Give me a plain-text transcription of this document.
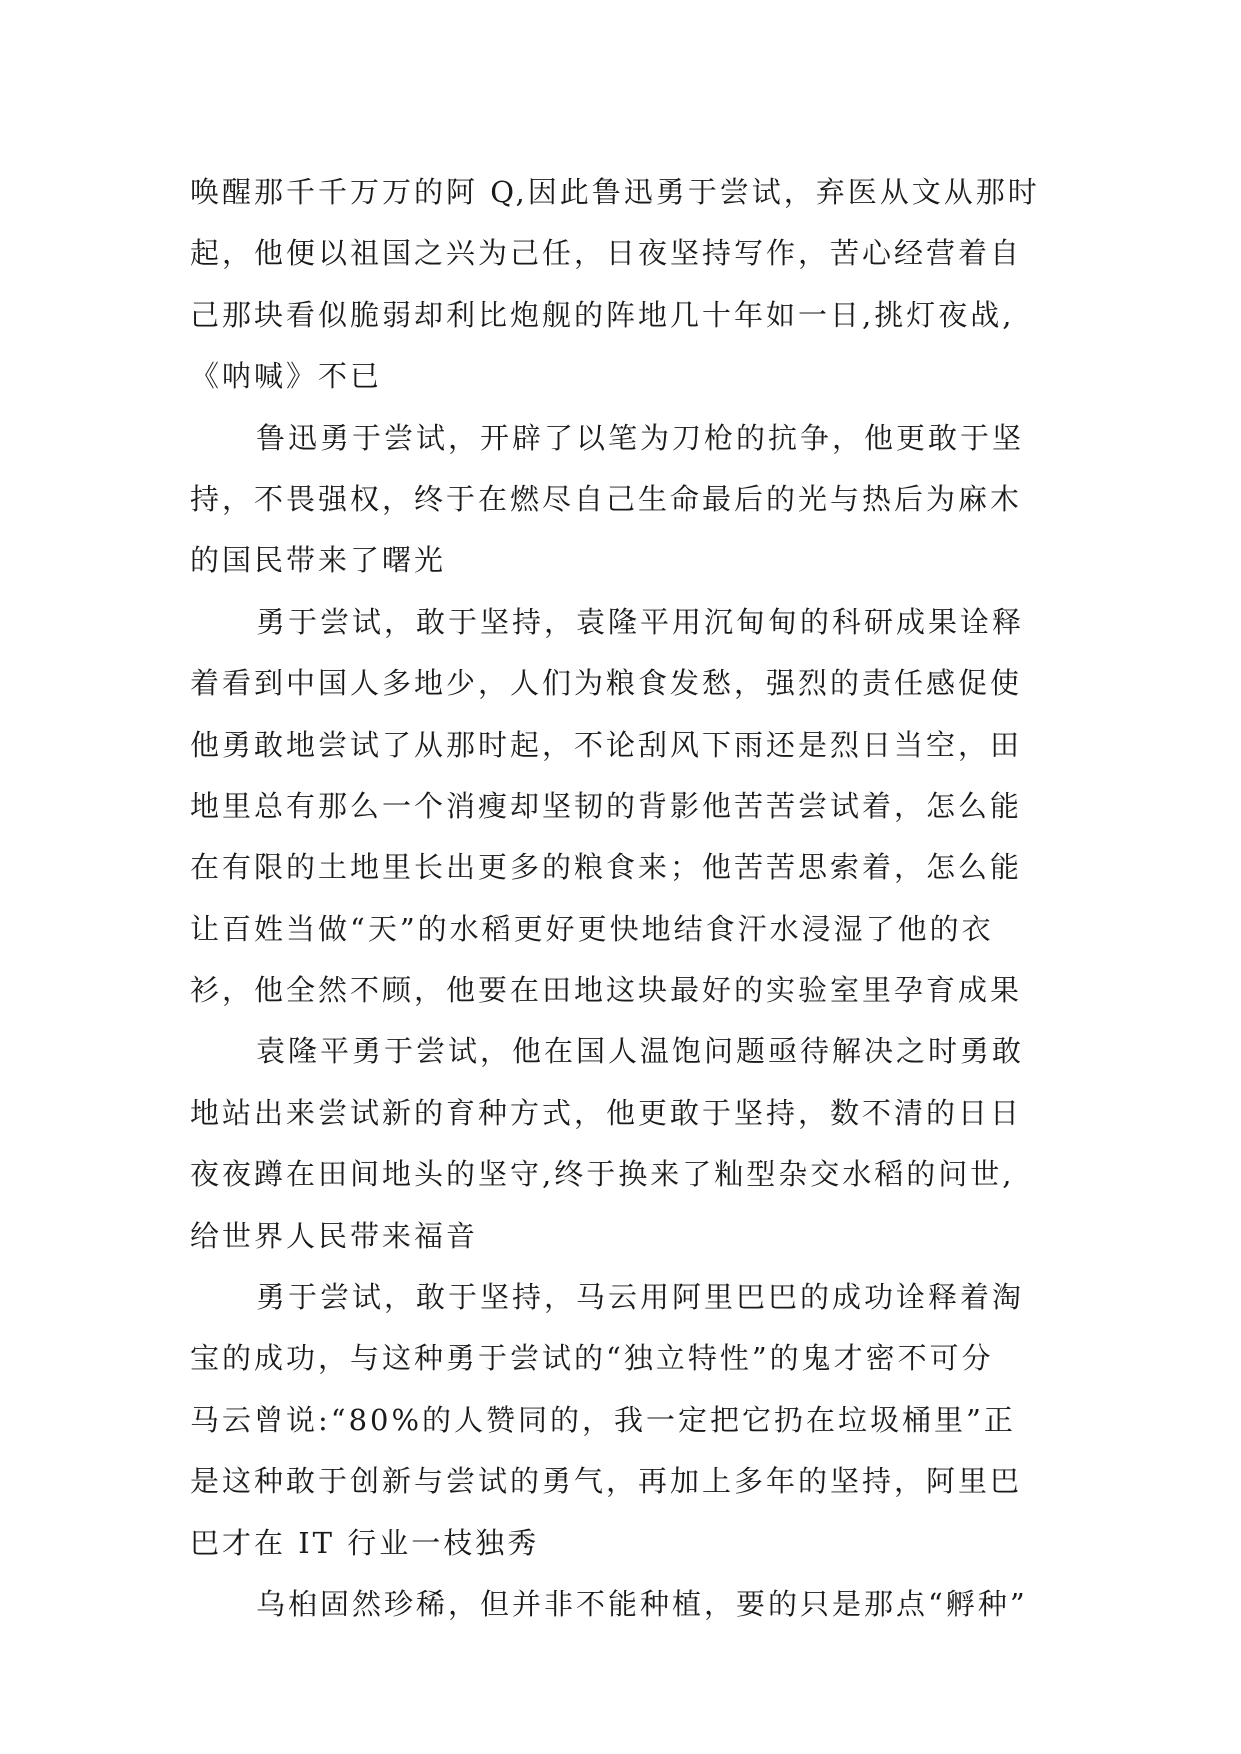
唤醒那千千万万的阿 Q,因此鲁迅勇于尝试，弃医从文从那时
起，他便以祖国之兴为己任，日夜坚持写作，苦心经营着自
己那块看似脆弱却利比炮舰的阵地几十年如一日,挑灯夜战,
《呐喊》不已
鲁迅勇于尝试，开辟了以笔为刀枪的抗争，他更敢于坚
持，不畏强权，终于在燃尽自己生命最后的光与热后为麻木
的国民带来了曙光
勇于尝试，敢于坚持，袁隆平用沉甸甸的科研成果诠释
着看到中国人多地少，人们为粮食发愁，强烈的责任感促使
他勇敢地尝试了从那时起，不论刮风下雨还是烈日当空，田
地里总有那么一个消瘦却坚韧的背影他苦苦尝试着，怎么能
在有限的土地里长出更多的粮食来；他苦苦思索着，怎么能
让百姓当做“天”的水稻更好更快地结食汗水浸湿了他的衣
衫，他全然不顾，他要在田地这块最好的实验室里孕育成果
袁隆平勇于尝试，他在国人温饱问题亟待解决之时勇敢
地站出来尝试新的育种方式，他更敢于坚持，数不清的日日
夜夜蹲在田间地头的坚守,终于换来了籼型杂交水稻的问世,
给世界人民带来福音
勇于尝试，敢于坚持，马云用阿里巴巴的成功诠释着淘
宝的成功，与这种勇于尝试的“独立特性”的鬼才密不可分
马云曾说:“80%的人赞同的，我一定把它扔在垃圾桶里”正
是这种敢于创新与尝试的勇气，再加上多年的坚持，阿里巴
巴才在 IT 行业一枝独秀
乌桕固然珍稀，但并非不能种植，要的只是那点“孵种”
